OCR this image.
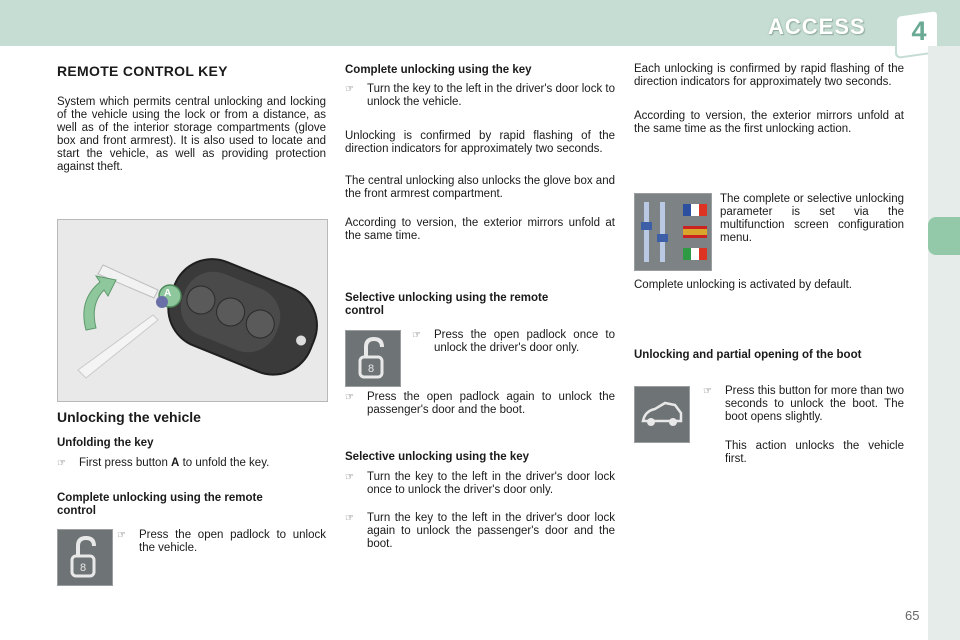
ACCESS 4
REMOTE CONTROL KEY
System which permits central unlocking and locking of the vehicle using the lock or from a distance, as well as of the interior storage compartments (glove box and front armrest). It is also used to locate and start the vehicle, as well as providing protection against theft.
A
Unlocking the vehicle
Unfolding the key
☞	First press button A to unfold the key.
Complete unlocking using the remote control
8
☞	Press the open padlock to unlock the vehicle.
Complete unlocking using the key
☞	Turn the key to the left in the driver's door lock to unlock the vehicle.
Unlocking is confirmed by rapid flashing of the direction indicators for approximately two seconds.
The central unlocking also unlocks the glove box and the front armrest compartment.
According to version, the exterior mirrors unfold at the same time.
Selective unlocking using the remote control
8
☞	Press the open padlock once to unlock the driver's door only.
☞	Press the open padlock again to unlock the passenger's door and the boot.
Selective unlocking using the key
☞	Turn the key to the left in the driver's door lock once to unlock the driver's door only.
☞	Turn the key to the left in the driver's door lock again to unlock the passenger's door and the boot.
Each unlocking is confirmed by rapid flashing of the direction indicators for approximately two seconds.
According to version, the exterior mirrors unfold at the same time as the first unlocking action.
The complete or selective unlocking parameter is set via the multifunction screen configuration menu.
Complete unlocking is activated by default.
Unlocking and partial opening of the boot
☞	Press this button for more than two seconds to unlock the boot. The boot opens slightly.
This action unlocks the vehicle first.
65
